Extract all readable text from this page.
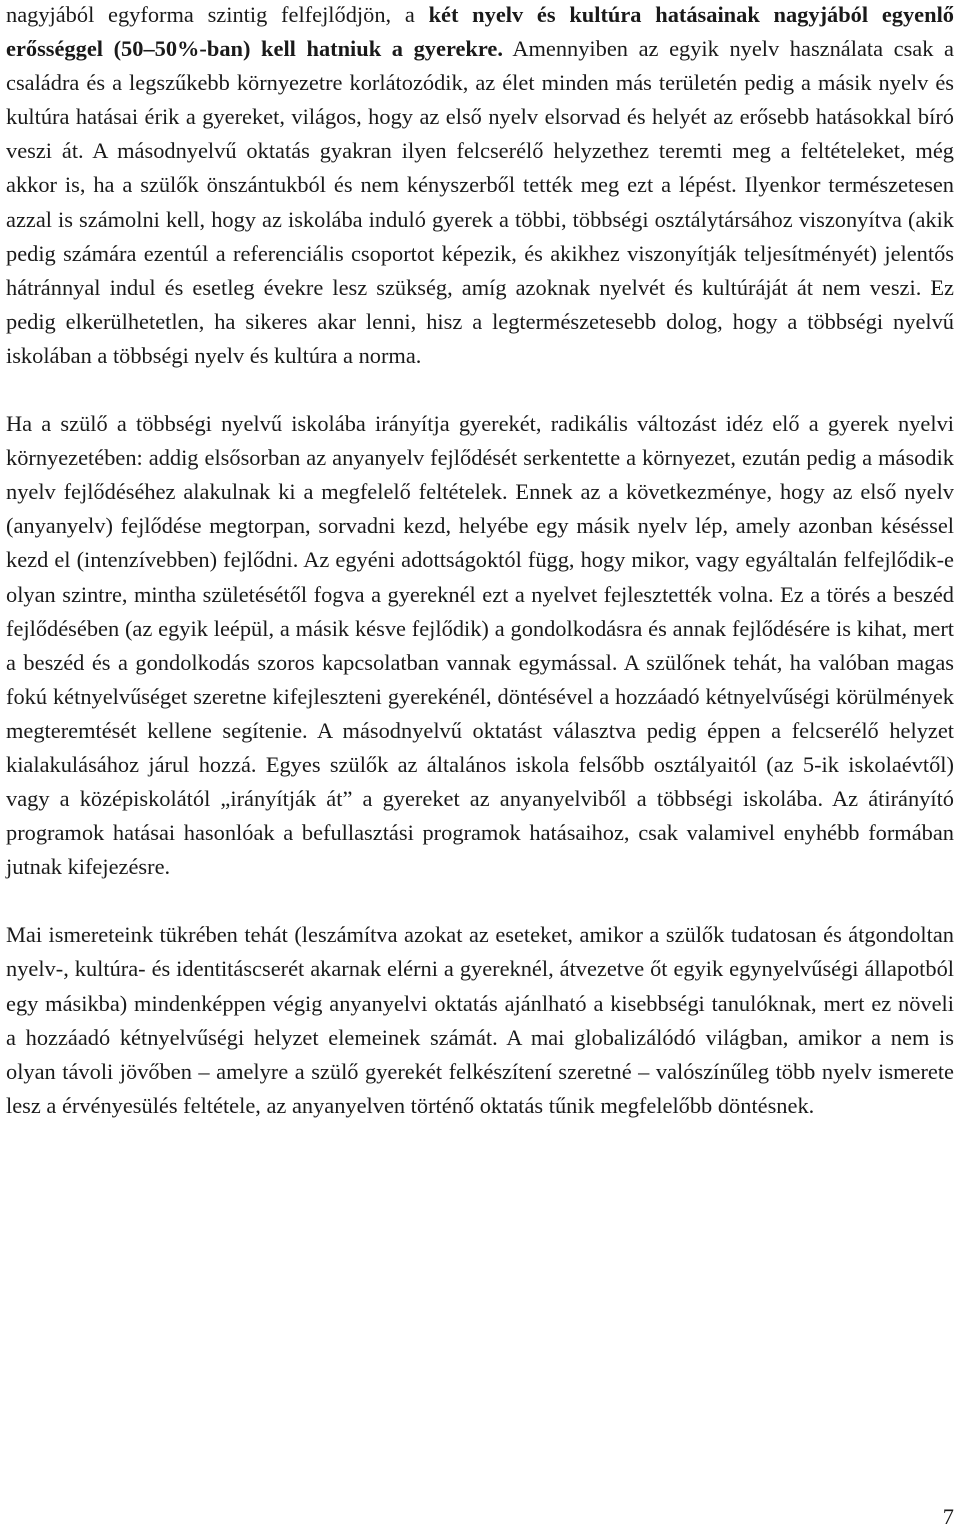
nagyjából egyforma szintig felfejlődjön, a két nyelv és kultúra hatásainak nagyjából egyenlő erősséggel (50–50%-ban) kell hatniuk a gyerekre. Amennyiben az egyik nyelv használata csak a családra és a legszűkebb környezetre korlátozódik, az élet minden más területén pedig a másik nyelv és kultúra hatásai érik a gyereket, világos, hogy az első nyelv elsorvad és helyét az erősebb hatásokkal bíró veszi át. A másodnyelvű oktatás gyakran ilyen felcserélő helyzethez teremti meg a feltételeket, még akkor is, ha a szülők önszántukból és nem kényszerből tették meg ezt a lépést. Ilyenkor természetesen azzal is számolni kell, hogy az iskolába induló gyerek a többi, többségi osztálytársához viszonyítva (akik pedig számára ezentúl a referenciális csoportot képezik, és akikhez viszonyítják teljesítményét) jelentős hátránnyal indul és esetleg évekre lesz szükség, amíg azoknak nyelvét és kultúráját át nem veszi. Ez pedig elkerülhetetlen, ha sikeres akar lenni, hisz a legtermészetesebb dolog, hogy a többségi nyelvű iskolában a többségi nyelv és kultúra a norma.

Ha a szülő a többségi nyelvű iskolába irányítja gyerekét, radikális változást idéz elő a gyerek nyelvi környezetében: addig elsősorban az anyanyelv fejlődését serkentette a környezet, ezután pedig a második nyelv fejlődéséhez alakulnak ki a megfelelő feltételek. Ennek az a következménye, hogy az első nyelv (anyanyelv) fejlődése megtorpan, sorvadni kezd, helyébe egy másik nyelv lép, amely azonban késéssel kezd el (intenzívebben) fejlődni. Az egyéni adottságoktól függ, hogy mikor, vagy egyáltalán felfejlődik-e olyan szintre, mintha születésétől fogva a gyereknél ezt a nyelvet fejlesztették volna. Ez a törés a beszéd fejlődésében (az egyik leépül, a másik késve fejlődik) a gondolkodásra és annak fejlődésére is kihat, mert a beszéd és a gondolkodás szoros kapcsolatban vannak egymással. A szülőnek tehát, ha valóban magas fokú kétnyelvűséget szeretne kifejleszteni gyerekénél, döntésével a hozzáadó kétnyelvűségi körülmények megteremtését kellene segítenie. A másodnyelvű oktatást választva pedig éppen a felcserélő helyzet kialakulásához járul hozzá. Egyes szülők az általános iskola felsőbb osztályaitól (az 5-ik iskolaévtől) vagy a középiskolától „irányítják át” a gyereket az anyanyelviből a többségi iskolába. Az átirányító programok hatásai hasonlóak a befullasztási programok hatásaihoz, csak valamivel enyhébb formában jutnak kifejezésre.

Mai ismereteink tükrében tehát (leszámítva azokat az eseteket, amikor a szülők tudatosan és átgondoltan nyelv-, kultúra- és identitáscserét akarnak elérni a gyereknél, átvezetve őt egyik egynyelvűségi állapotból egy másikba) mindenképpen végig anyanyelvi oktatás ajánlható a kisebbségi tanulóknak, mert ez növeli a hozzáadó kétnyelvűségi helyzet elemeinek számát. A mai globalizálódó világban, amikor a nem is olyan távoli jövőben – amelyre a szülő gyerekét felkészítení szeretné – valószínűleg több nyelv ismerete lesz a érvényesülés feltétele, az anyanyelven történő oktatás tűnik megfelelőbb döntésnek.

7
